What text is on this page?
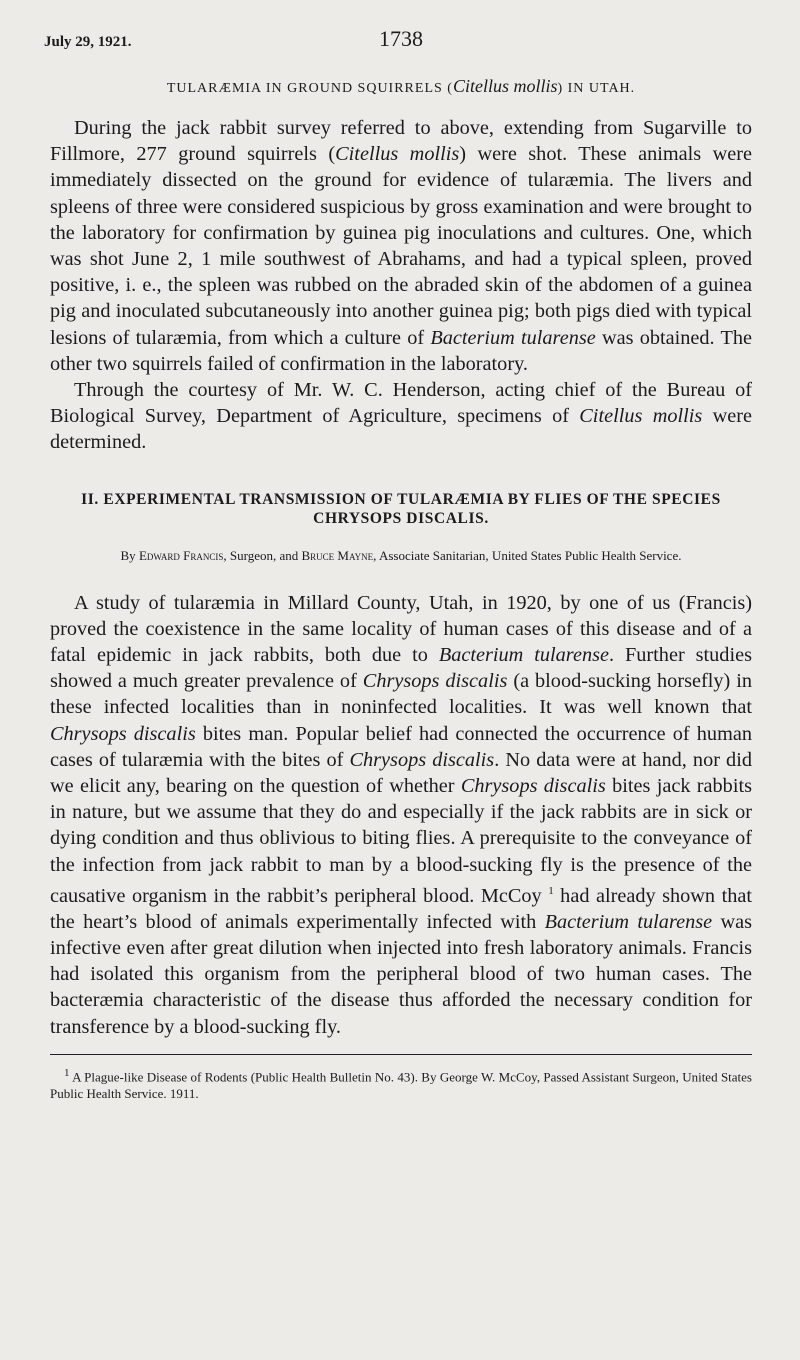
July 29, 1921.	1738
TULARÆMIA IN GROUND SQUIRRELS (Citellus mollis) IN UTAH.

During the jack rabbit survey referred to above, extending from Sugarville to Fillmore, 277 ground squirrels (Citellus mollis) were shot. These animals were immediately dissected on the ground for evidence of tularæmia. The livers and spleens of three were considered suspicious by gross examination and were brought to the laboratory for confirmation by guinea pig inoculations and cultures. One, which was shot June 2, 1 mile southwest of Abrahams, and had a typical spleen, proved positive, i. e., the spleen was rubbed on the abraded skin of the abdomen of a guinea pig and inoculated subcutaneously into another guinea pig; both pigs died with typical lesions of tularæmia, from which a culture of Bacterium tularense was obtained. The other two squirrels failed of confirmation in the laboratory.

Through the courtesy of Mr. W. C. Henderson, acting chief of the Bureau of Biological Survey, Department of Agriculture, specimens of Citellus mollis were determined.

II. EXPERIMENTAL TRANSMISSION OF TULARÆMIA BY FLIES OF THE SPECIES CHRYSOPS DISCALIS.
By Edward Francis, Surgeon, and Bruce Mayne, Associate Sanitarian, United States Public Health Service.

A study of tularæmia in Millard County, Utah, in 1920, by one of us (Francis) proved the coexistence in the same locality of human cases of this disease and of a fatal epidemic in jack rabbits, both due to Bacterium tularense. Further studies showed a much greater prevalence of Chrysops discalis (a blood-sucking horsefly) in these infected localities than in noninfected localities. It was well known that Chrysops discalis bites man. Popular belief had connected the occurrence of human cases of tularæmia with the bites of Chrysops discalis. No data were at hand, nor did we elicit any, bearing on the question of whether Chrysops discalis bites jack rabbits in nature, but we assume that they do and especially if the jack rabbits are in sick or dying condition and thus oblivious to biting flies. A prerequisite to the conveyance of the infection from jack rabbit to man by a blood-sucking fly is the presence of the causative organism in the rabbit’s peripheral blood. McCoy $^1$ had already shown that the heart’s blood of animals experimentally infected with Bacterium tularense was infective even after great dilution when injected into fresh laboratory animals. Francis had isolated this organism from the peripheral blood of two human cases. The bacteræmia characteristic of the disease thus afforded the necessary condition for transference by a blood-sucking fly.

$^1$ A Plague-like Disease of Rodents (Public Health Bulletin No. 43). By George W. McCoy, Passed Assistant Surgeon, United States Public Health Service. 1911.
